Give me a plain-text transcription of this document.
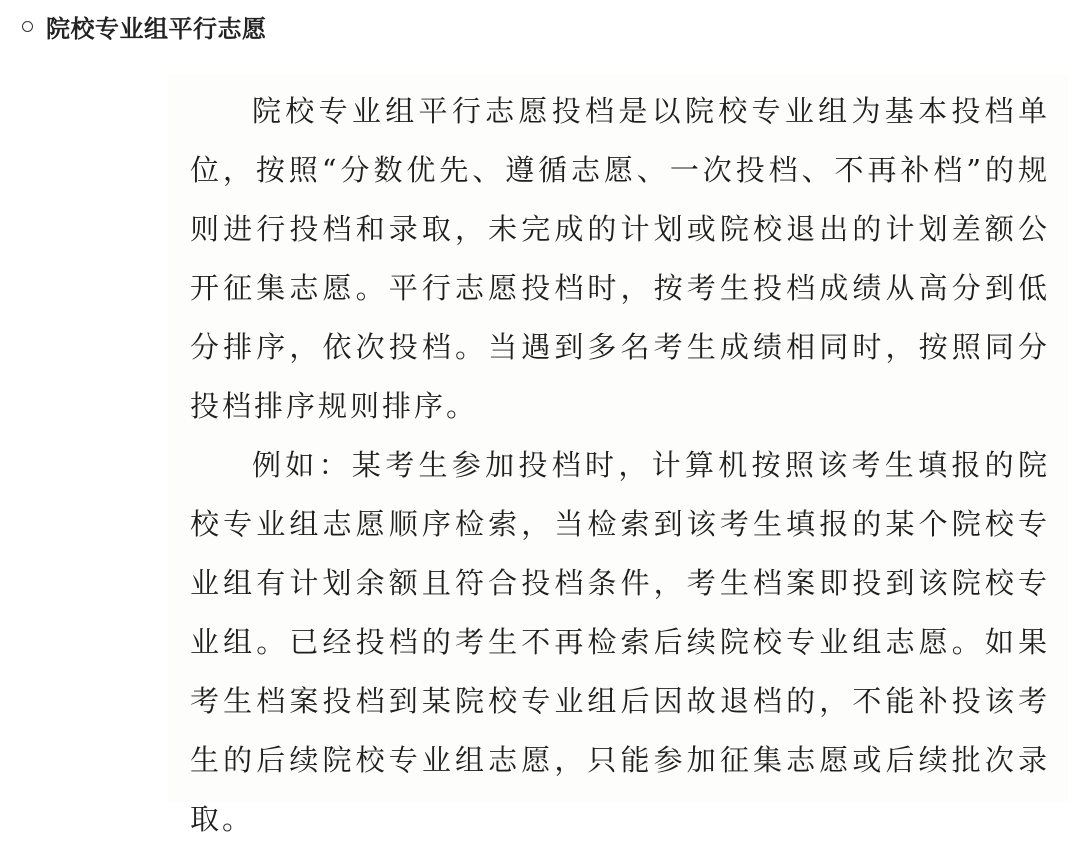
院校专业组平行志愿

院校专业组平行志愿投档是以院校专业组为基本投档单位，按照“分数优先、遵循志愿、一次投档、不再补档”的规则进行投档和录取，未完成的计划或院校退出的计划差额公开征集志愿。平行志愿投档时，按考生投档成绩从高分到低分排序，依次投档。当遇到多名考生成绩相同时，按照同分投档排序规则排序。

例如：某考生参加投档时，计算机按照该考生填报的院校专业组志愿顺序检索，当检索到该考生填报的某个院校专业组有计划余额且符合投档条件，考生档案即投到该院校专业组。已经投档的考生不再检索后续院校专业组志愿。如果考生档案投档到某院校专业组后因故退档的，不能补投该考生的后续院校专业组志愿，只能参加征集志愿或后续批次录取。
